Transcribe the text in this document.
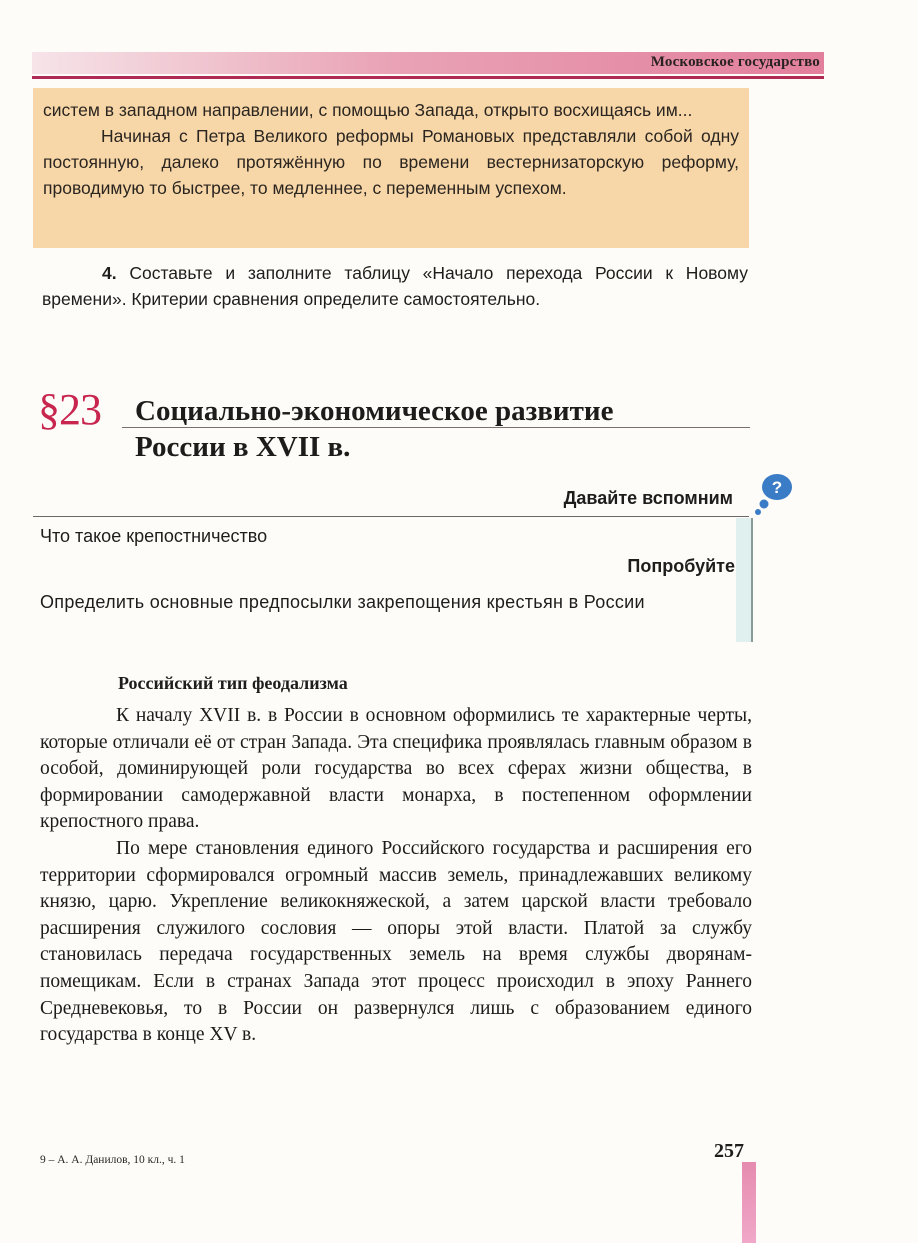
Московское государство

систем в западном направлении, с помощью Запада, открыто восхищаясь им...

Начиная с Петра Великого реформы Романовых представляли собой одну постоянную, далеко протяжённую по времени вестернизаторскую реформу, проводимую то быстрее, то медленнее, с переменным успехом.

4. Составьте и заполните таблицу «Начало перехода России к Новому времени». Критерии сравнения определите самостоятельно.

§23 Социально-экономическое развитие
России в XVII в.
Давайте вспомним
?
Что такое крепостничество
Попробуйте
Определить основные предпосылки закрепощения крестьян в России
Российский тип феодализма

К началу XVII в. в России в основном оформились те характерные черты, которые отличали её от стран Запада. Эта специфика проявлялась главным образом в особой, доминирующей роли государства во всех сферах жизни общества, в формировании самодержавной власти монарха, в постепенном оформлении крепостного права.

По мере становления единого Российского государства и расширения его территории сформировался огромный массив земель, принадлежавших великому князю, царю. Укрепление великокняжеской, а затем царской власти требовало расширения служилого сословия — опоры этой власти. Платой за службу становилась передача государственных земель на время службы дворянам-помещикам. Если в странах Запада этот процесс происходил в эпоху Раннего Средневековья, то в России он развернулся лишь с образованием единого государства в конце XV в.

9 – А. А. Данилов, 10 кл., ч. 1	257
